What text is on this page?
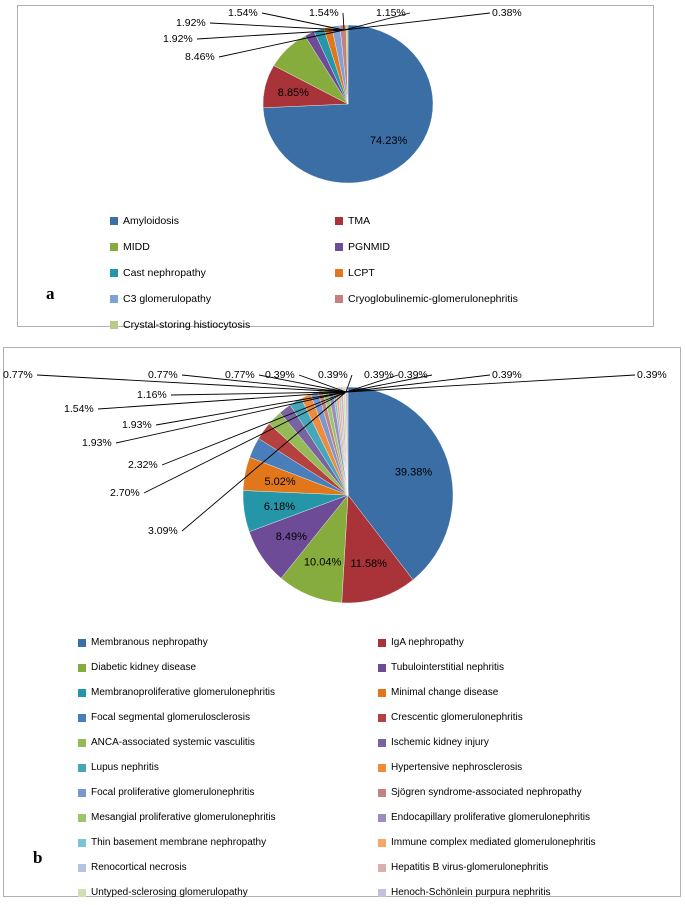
74.23%
8.85%
1.92%
1.54%	1.54%	1.15%	0.38%
1.92%
8.46%
a
Amyloidosis	TMA
MIDD	PGNMID
Cast nephropathy	LCPT
C3 glomerulopathy	Cryoglobulinemic-glomerulonephritis
Crystal-storing histiocytosis
39.38%
11.58%
10.04%
8.49%
6.18%
5.02%
0.77%	0.77%	0.77% 0.39% 0.39% 0.39% 0.39%	0.39%	0.39%
1.16%
1.54%
1.93%
1.93%
2.32%
2.70%
3.09%
b
Membranous nephropathy	IgA nephropathy
Diabetic kidney disease	Tubulointerstitial nephritis
Membranoproliferative glomerulonephritis	Minimal change disease
Focal segmental glomerulosclerosis	Crescentic glomerulonephritis
ANCA-associated systemic vasculitis	Ischemic kidney injury
Lupus nephritis	Hypertensive nephrosclerosis
Focal proliferative glomerulonephritis	Sjögren syndrome-associated nephropathy
Mesangial proliferative glomerulonephritis	Endocapillary proliferative glomerulonephritis
Thin basement membrane nephropathy	Immune complex mediated glomerulonephritis
Renocortical necrosis	Hepatitis B virus-glomerulonephritis
Untyped-sclerosing glomerulopathy	Henoch-Schönlein purpura nephritis
